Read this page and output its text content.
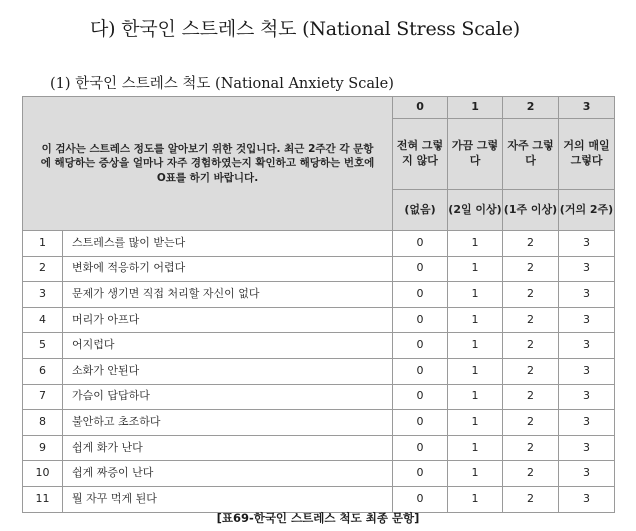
다) 한국인 스트레스 척도 (National Stress Scale)
(1) 한국인 스트레스 척도 (National Anxiety Scale)
이 검사는 스트레스 정도를 알아보기 위한 것입니다. 최근 2주간 각 문항에 해당하는 증상을 얼마나 자주 경험하였는지 확인하고 해당하는 번호에 O표를 하기 바랍니다.		0	1	2	3
		전혀 그렇지 않다	가끔 그렇다	자주 그렇다	거의 매일 그렇다
		(없음)	(2일 이상)	(1주 이상)	(거의 2주)
1	스트레스를 많이 받는다	0	1	2	3
2	변화에 적응하기 어렵다	0	1	2	3
3	문제가 생기면 직접 처리할 자신이 없다	0	1	2	3
4	머리가 아프다	0	1	2	3
5	어지럽다	0	1	2	3
6	소화가 안된다	0	1	2	3
7	가슴이 답답하다	0	1	2	3
8	불안하고 초조하다	0	1	2	3
9	쉽게 화가 난다	0	1	2	3
10	쉽게 짜증이 난다	0	1	2	3
11	뭘 자꾸 먹게 된다	0	1	2	3
[표69-한국인 스트레스 척도 최종 문항]
